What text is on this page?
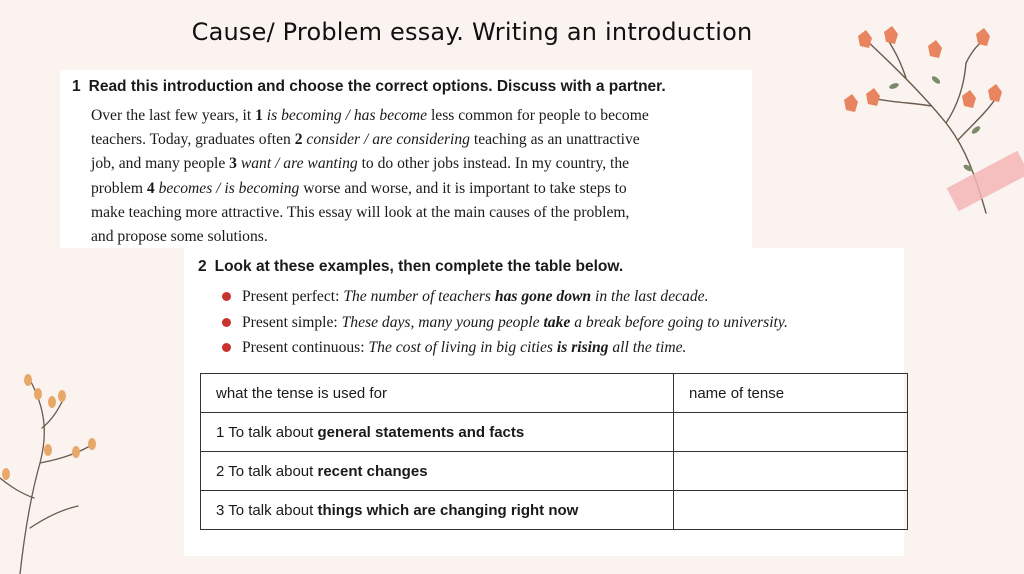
Cause/ Problem essay. Writing an introduction
1 Read this introduction and choose the correct options. Discuss with a partner.
Over the last few years, it 1 is becoming / has become less common for people to become
teachers. Today, graduates often 2 consider / are considering teaching as an unattractive
job, and many people 3 want / are wanting to do other jobs instead. In my country, the
problem 4 becomes / is becoming worse and worse, and it is important to take steps to
make teaching more attractive. This essay will look at the main causes of the problem,
and propose some solutions.
2 Look at these examples, then complete the table below.
Present perfect: The number of teachers has gone down in the last decade.
Present simple: These days, many young people take a break before going to university.
Present continuous: The cost of living in big cities is rising all the time.
what the tense is used for	name of tense
1 To talk about general statements and facts	
2 To talk about recent changes	
3 To talk about things which are changing right now	
